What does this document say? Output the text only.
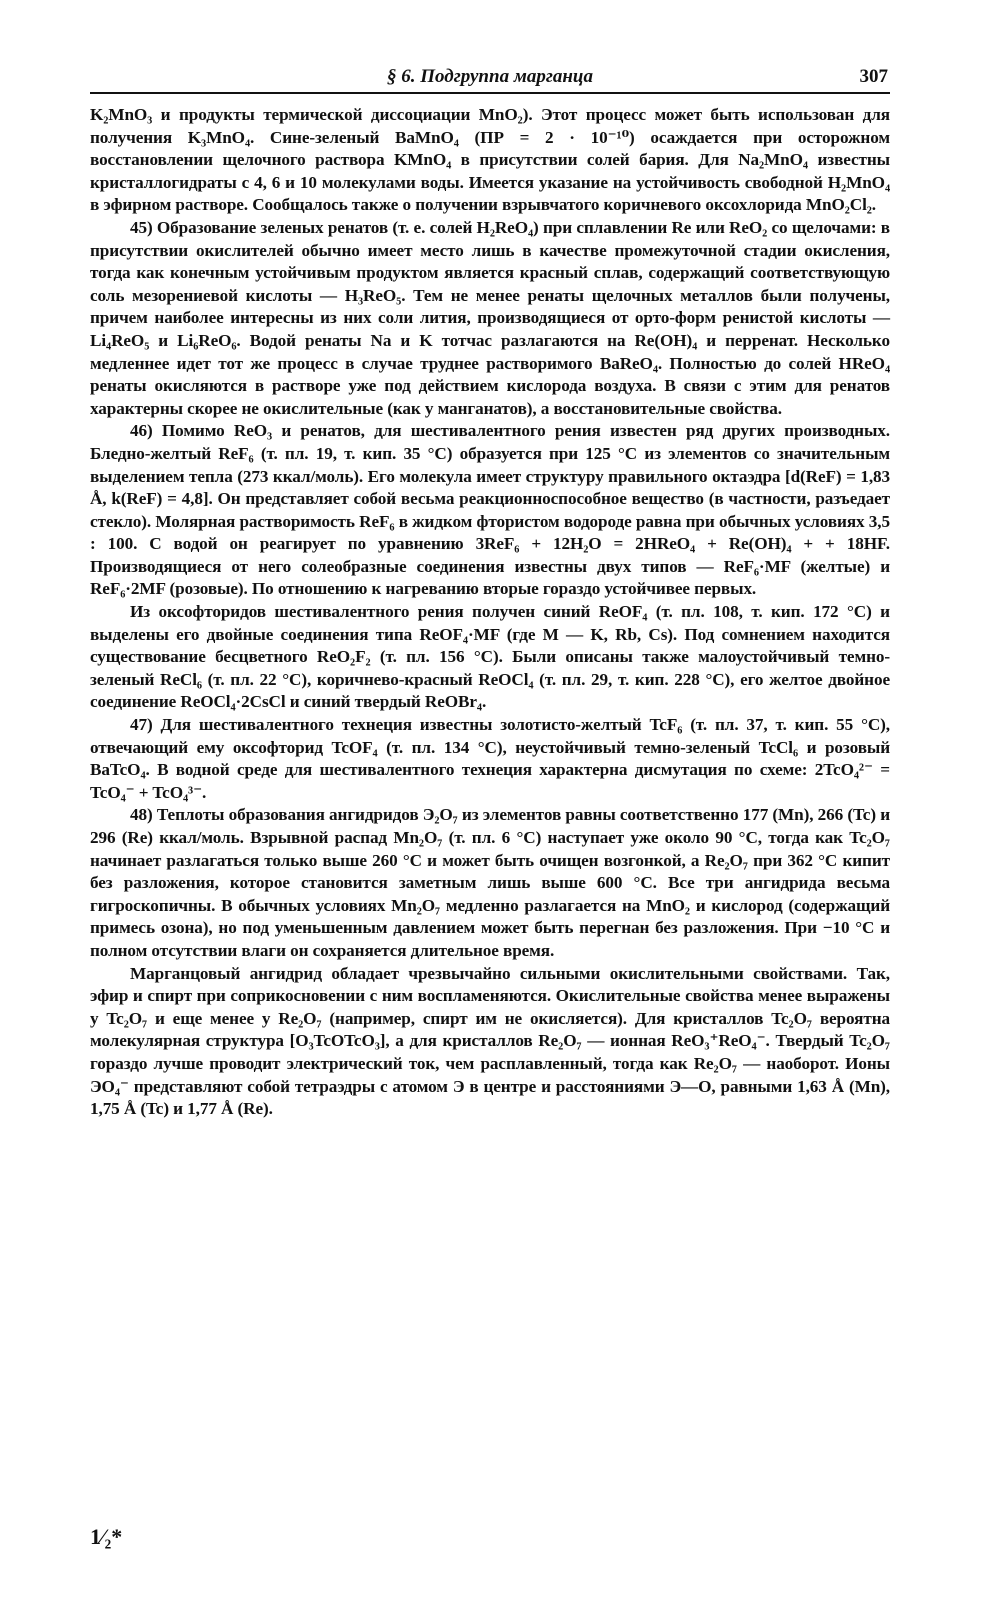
§ 6. Подгруппа марганца	307

K₂MnO₃ и продукты термической диссоциации MnO₂). Этот процесс может быть использован для получения K₃MnO₄. Сине-зеленый BaMnO₄ (ПР = 2 · 10⁻¹⁰) осаждается при осторожном восстановлении щелочного раствора KMnO₄ в присутствии солей бария. Для Na₂MnO₄ известны кристаллогидраты с 4, 6 и 10 молекулами воды. Имеется указание на устойчивость свободной H₂MnO₄ в эфирном растворе. Сообщалось также о получении взрывчатого коричневого оксохлорида MnO₂Cl₂.

45) Образование зеленых ренатов (т. е. солей H₂ReO₄) при сплавлении Re или ReO₂ со щелочами: в присутствии окислителей обычно имеет место лишь в качестве промежуточной стадии окисления, тогда как конечным устойчивым продуктом является красный сплав, содержащий соответствующую соль мезорениевой кислоты — H₃ReO₅. Тем не менее ренаты щелочных металлов были получены, причем наиболее интересны из них соли лития, производящиеся от орто-форм ренистой кислоты — Li₄ReO₅ и Li₆ReO₆. Водой ренаты Na и K тотчас разлагаются на Re(OH)₄ и перренат. Несколько медленнее идет тот же процесс в случае труднее растворимого BaReO₄. Полностью до солей HReO₄ ренаты окисляются в растворе уже под действием кислорода воздуха. В связи с этим для ренатов характерны скорее не окислительные (как у манганатов), а восстановительные свойства.

46) Помимо ReO₃ и ренатов, для шестивалентного рения известен ряд других производных. Бледно-желтый ReF₆ (т. пл. 19, т. кип. 35 °C) образуется при 125 °C из элементов со значительным выделением тепла (273 ккал/моль). Его молекула имеет структуру правильного октаэдра [d(ReF) = 1,83 Å, k(ReF) = 4,8]. Он представляет собой весьма реакционноспособное вещество (в частности, разъедает стекло). Молярная растворимость ReF₆ в жидком фтористом водороде равна при обычных условиях 3,5 : 100. С водой он реагирует по уравнению 3ReF₆ + 12H₂O = 2HReO₄ + Re(OH)₄ + + 18HF. Производящиеся от него солеобразные соединения известны двух типов — ReF₆·MF (желтые) и ReF₆·2MF (розовые). По отношению к нагреванию вторые гораздо устойчивее первых.

Из оксофторидов шестивалентного рения получен синий ReOF₄ (т. пл. 108, т. кип. 172 °C) и выделены его двойные соединения типа ReOF₄·MF (где M — K, Rb, Cs). Под сомнением находится существование бесцветного ReO₂F₂ (т. пл. 156 °C). Были описаны также малоустойчивый темно-зеленый ReCl₆ (т. пл. 22 °C), коричнево-красный ReOCl₄ (т. пл. 29, т. кип. 228 °C), его желтое двойное соединение ReOCl₄·2CsCl и синий твердый ReOBr₄.

47) Для шестивалентного технеция известны золотисто-желтый TcF₆ (т. пл. 37, т. кип. 55 °C), отвечающий ему оксофторид TcOF₄ (т. пл. 134 °C), неустойчивый темно-зеленый TcCl₆ и розовый BaTcO₄. В водной среде для шестивалентного технеция характерна дисмутация по схеме: 2TcO₄²⁻ = TcO₄⁻ + TcO₄³⁻.

48) Теплоты образования ангидридов Э₂O₇ из элементов равны соответственно 177 (Mn), 266 (Tc) и 296 (Re) ккал/моль. Взрывной распад Mn₂O₇ (т. пл. 6 °C) наступает уже около 90 °C, тогда как Tc₂O₇ начинает разлагаться только выше 260 °C и может быть очищен возгонкой, а Re₂O₇ при 362 °C кипит без разложения, которое становится заметным лишь выше 600 °C. Все три ангидрида весьма гигроскопичны. В обычных условиях Mn₂O₇ медленно разлагается на MnO₂ и кислород (содержащий примесь озона), но под уменьшенным давлением может быть перегнан без разложения. При −10 °C и полном отсутствии влаги он сохраняется длительное время.

Марганцовый ангидрид обладает чрезвычайно сильными окислительными свойствами. Так, эфир и спирт при соприкосновении с ним воспламеняются. Окислительные свойства менее выражены у Tc₂O₇ и еще менее у Re₂O₇ (например, спирт им не окисляется). Для кристаллов Tc₂O₇ вероятна молекулярная структура [O₃TcOTcO₃], а для кристаллов Re₂O₇ — ионная ReO₃⁺ReO₄⁻. Твердый Tc₂O₇ гораздо лучше проводит электрический ток, чем расплавленный, тогда как Re₂O₇ — наоборот. Ионы ЭO₄⁻ представляют собой тетраэдры с атомом Э в центре и расстояниями Э—O, равными 1,63 Å (Mn), 1,75 Å (Tc) и 1,77 Å (Re).

1⁄₂*
